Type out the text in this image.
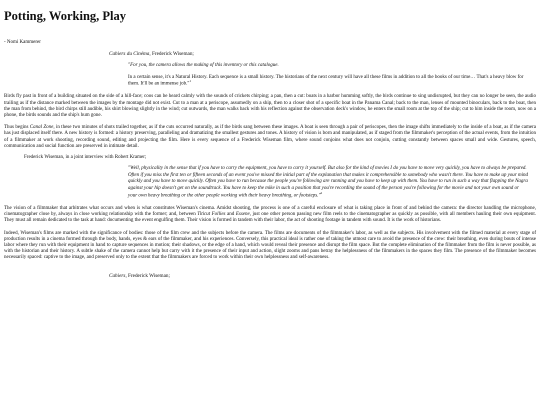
Potting, Working, Play
- Nomi Kammerer
Cahiers du Cinéma, Frederick Wiseman;

"For you, the camera allows the making of this inventory or this catalogue.

In a certain sense, it's a Natural History. Each sequence is a small history. The historians of the next century will have all these films in addition to all the books of our time… That's a heavy blow for them. It'll be an immense job."$^1$

Birds fly past in front of a building situated on the side of a hill-face; coos can be heard calmly with the sounds of crickets chirping; a pan, then a cut: boats in a harbor humming softly, the birds continue to sing undisrupted, but they can no longer be seen, the audio trailing as if the distance marked between the images by the montage did not exist. Cut to a man at a periscope, assumedly on a ship, then to a closer shot of a specific boat in the Panama Canal; back to the man, lenses of mounted binoculars, back to the boat, then the man from behind, the bird chirps still audible, his shirt blowing slightly in the wind; cut outwards, the man walks back with his reflection against the observation deck's window, he enters the small room at the top of the ship; cut to him inside the room, now on a phone, the birds sounds and the ship's hum gone.

Thus begins Canal Zone, in these two minutes of shots trailed together, as if the cuts occurred naturally, as if the birds sang between these images. A boat is seen through a pair of periscopes, then the image shifts immediately to the inside of a boat, as if the camera has just displaced itself there. A new history is formed: a history preserving, paralleling and dramatizing the smallest gestures and tones. A history of vision is born and manipulated, as if staged from the filmmaker's perception of the actual events, from the intuition of a filmmaker at work shooting, recording sound, editing and projecting the film. Here is every sequence of a Frederick Wiseman film, where sound conjoins what does not conjoin, cutting constantly between spaces small and wide. Gestures, speech, communication and social function are preserved in intimate detail.

Frederick Wiseman, in a joint interview with Robert Kramer;

"Well, physicality in the sense that if you have to carry the equipment, you have to carry it yourself. But also for the kind of movies I do you have to move very quickly, you have to always be prepared. Often if you miss the first ten or fifteen seconds of an event you've missed the initial part of the explanation that makes it comprehensible to somebody who wasn't there. You have to make up your mind quickly and you have to move quickly. Often you have to run because the people you're following are running and you have to keep up with them. You have to run in such a way that flapping the Nagra against your hip doesn't get on the soundtrack. You have to keep the mike in such a position that you're recording the sound of the person you're following for the movie and not your own sound or your own heavy breathing or the other people working with their heavy breathing, or footsteps."$^2$

The vision of a filmmaker that arbitrates what occurs and when is what constitutes Wiseman's cinema. Amidst shooting, the process is one of a careful enclosure of what is taking place in front of and behind the camera: the director handling the microphone, cinematographer close by, always in close working relationship with the former; and, between Titicut Follies and Essene, just one other person passing new film reels to the cinematographer as quickly as possible, with all members hauling their own equipment. They must all remain dedicated to the task at hand: documenting the event engulfing them. Their vision is formed in tandem with their labor, the act of shooting footage in tandem with sound. It is the work of historians.

Indeed, Wiseman's films are marked with the significance of bodies: those of the film crew and the subjects before the camera. The films are documents of the filmmaker's labor, as well as the subjects. His involvement with the filmed material at every stage of production results in a cinema formed through the body, hands, eyes & ears of the filmmaker, and his experiences. Conversely, this practical ideal is rather one of taking the utmost care to avoid the presence of the crew: their breathing, even during bouts of intense labor where they run with their equipment in hand to capture sequences in motion; their shadows, or the edge of a hand, which would reveal their presence and disrupt the film space. But the complete elimination of the filmmaker from the film is never possible, as with the historian and their history. A subtle shake of the camera cannot help but carry with it the presence of their input and action, slight zooms and pans betray the helplessness of the filmmakers in the spaces they film. The presence of the filmmaker becomes necessarily spaced: captive to the image, and preserved only to the extent that the filmmakers are forced to work within their own helplessness and self-awareness.

Cahiers, Frederick Wiseman;
